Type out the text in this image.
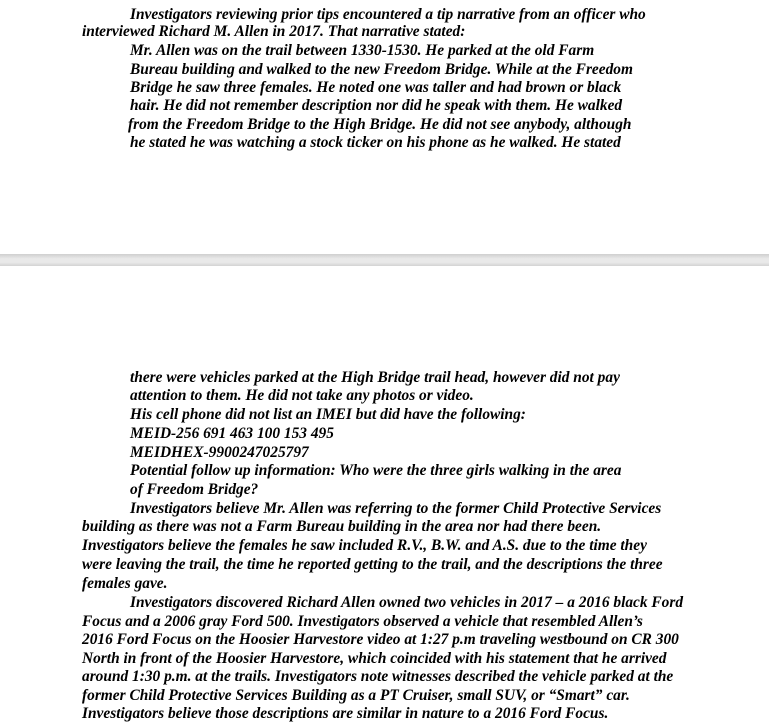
Investigators reviewing prior tips encountered a tip narrative from an officer who
interviewed Richard M. Allen in 2017. That narrative stated:
Mr. Allen was on the trail between 1330-1530. He parked at the old Farm
Bureau building and walked to the new Freedom Bridge. While at the Freedom
Bridge he saw three females. He noted one was taller and had brown or black
hair. He did not remember description nor did he speak with them. He walked
from the Freedom Bridge to the High Bridge. He did not see anybody, although
he stated he was watching a stock ticker on his phone as he walked. He stated
there were vehicles parked at the High Bridge trail head, however did not pay
attention to them. He did not take any photos or video.
His cell phone did not list an IMEI but did have the following:
MEID-256 691 463 100 153 495
MEIDHEX-9900247025797
Potential follow up information: Who were the three girls walking in the area
of Freedom Bridge?
Investigators believe Mr. Allen was referring to the former Child Protective Services
building as there was not a Farm Bureau building in the area nor had there been.
Investigators believe the females he saw included R.V., B.W. and A.S. due to the time they
were leaving the trail, the time he reported getting to the trail, and the descriptions the three
females gave.
Investigators discovered Richard Allen owned two vehicles in 2017 – a 2016 black Ford
Focus and a 2006 gray Ford 500. Investigators observed a vehicle that resembled Allen’s
2016 Ford Focus on the Hoosier Harvestore video at 1:27 p.m traveling westbound on CR 300
North in front of the Hoosier Harvestore, which coincided with his statement that he arrived
around 1:30 p.m. at the trails. Investigators note witnesses described the vehicle parked at the
former Child Protective Services Building as a PT Cruiser, small SUV, or “Smart” car.
Investigators believe those descriptions are similar in nature to a 2016 Ford Focus.
